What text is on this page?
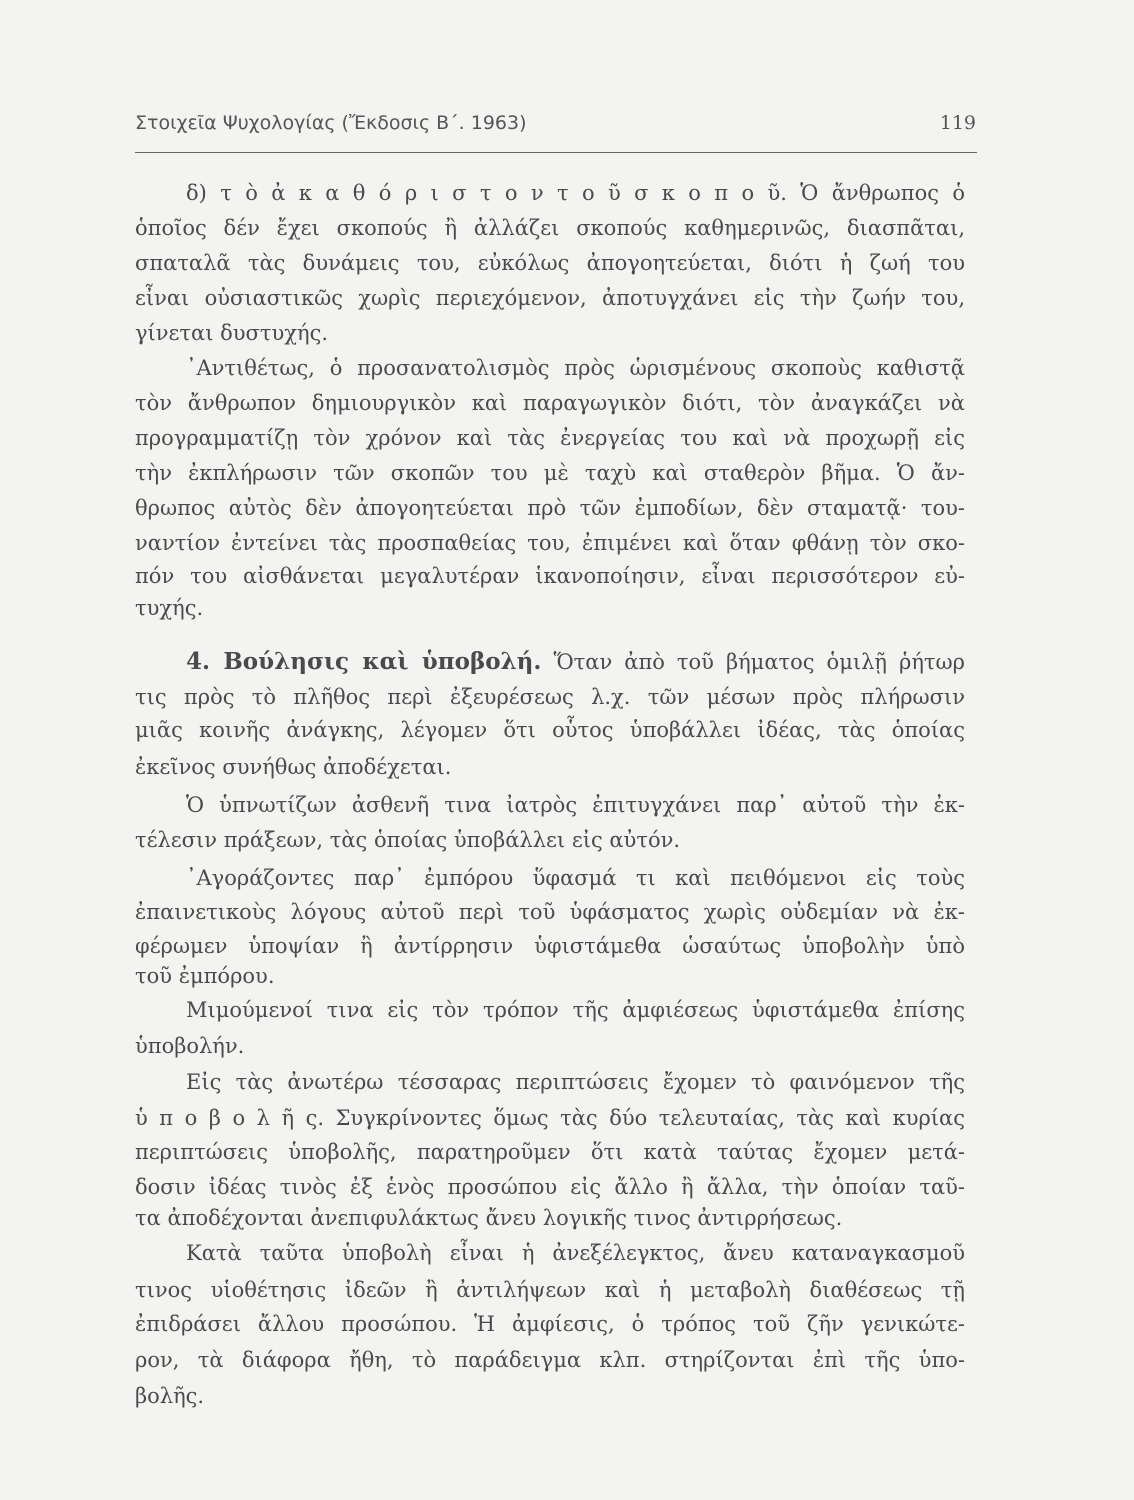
Στοιχεῖα Ψυχολογίας (Ἔκδοσις Β΄. 1963)	119
δ) τ ὸ ἀ κ α θ ό ρ ι σ τ ο ν τ ο ῦ σ κ ο π ο ῦ. Ὁ ἄνθρωπος ὁ
ὁποῖος δέν ἔχει σκοπούς ἢ ἀλλάζει σκοπούς καθημερινῶς, διασπᾶται,
σπαταλᾶ τὰς δυνάμεις του, εὐκόλως ἀπογοητεύεται, διότι ἡ ζωή του
εἶναι οὐσιαστικῶς χωρὶς περιεχόμενον, ἀποτυγχάνει εἰς τὴν ζωήν του,
γίνεται δυστυχής.
᾿Αντιθέτως, ὁ προσανατολισμὸς πρὸς ὡρισμένους σκοποὺς καθιστᾷ
τὸν ἄνθρωπον δημιουργικὸν καὶ παραγωγικὸν διότι, τὸν ἀναγκάζει νὰ
προγραμματίζῃ τὸν χρόνον καὶ τὰς ἐνεργείας του καὶ νὰ προχωρῇ εἰς
τὴν ἐκπλήρωσιν τῶν σκοπῶν του μὲ ταχὺ καὶ σταθερὸν βῆμα. Ὁ ἄν-
θρωπος αὐτὸς δὲν ἀπογοητεύεται πρὸ τῶν ἐμποδίων, δὲν σταματᾷ· του-
ναντίον ἐντείνει τὰς προσπαθείας του, ἐπιμένει καὶ ὅταν φθάνῃ τὸν σκο-
πόν του αἰσθάνεται μεγαλυτέραν ἱκανοποίησιν, εἶναι περισσότερον εὐ-
τυχής.
4. Βούλησις καὶ ὑποβολή. Ὅταν ἀπὸ τοῦ βήματος ὁμιλῇ ῥήτωρ
τις πρὸς τὸ πλῆθος περὶ ἐξευρέσεως λ.χ. τῶν μέσων πρὸς πλήρωσιν
μιᾶς κοινῆς ἀνάγκης, λέγομεν ὅτι οὗτος ὑποβάλλει ἰδέας, τὰς ὁποίας
ἐκεῖνος συνήθως ἀποδέχεται.
Ὁ ὑπνωτίζων ἀσθενῆ τινα ἰατρὸς ἐπιτυγχάνει παρ᾿ αὐτοῦ τὴν ἐκ-
τέλεσιν πράξεων, τὰς ὁποίας ὑποβάλλει εἰς αὐτόν.
᾿Αγοράζοντες παρ᾿ ἐμπόρου ὕφασμά τι καὶ πειθόμενοι εἰς τοὺς
ἐπαινετικοὺς λόγους αὐτοῦ περὶ τοῦ ὑφάσματος χωρὶς οὐδεμίαν νὰ ἐκ-
φέρωμεν ὑποψίαν ἢ ἀντίρρησιν ὑφιστάμεθα ὡσαύτως ὑποβολὴν ὑπὸ
τοῦ ἐμπόρου.
Μιμούμενοί τινα εἰς τὸν τρόπον τῆς ἀμφιέσεως ὑφιστάμεθα ἐπίσης
ὑποβολήν.
Εἰς τὰς ἀνωτέρω τέσσαρας περιπτώσεις ἔχομεν τὸ φαινόμενον τῆς
ὑ π ο β ο λ ῆ ς. Συγκρίνοντες ὅμως τὰς δύο τελευταίας, τὰς καὶ κυρίας
περιπτώσεις ὑποβολῆς, παρατηροῦμεν ὅτι κατὰ ταύτας ἔχομεν μετά-
δοσιν ἰδέας τινὸς ἐξ ἑνὸς προσώπου εἰς ἄλλο ἢ ἄλλα, τὴν ὁποίαν ταῦ-
τα ἀποδέχονται ἀνεπιφυλάκτως ἄνευ λογικῆς τινος ἀντιρρήσεως.
Κατὰ ταῦτα ὑποβολὴ εἶναι ἡ ἀνεξέλεγκτος, ἄνευ καταναγκασμοῦ
τινος υἱοθέτησις ἰδεῶν ἢ ἀντιλήψεων καὶ ἡ μεταβολὴ διαθέσεως τῇ
ἐπιδράσει ἄλλου προσώπου. Ἡ ἀμφίεσις, ὁ τρόπος τοῦ ζῆν γενικώτε-
ρον, τὰ διάφορα ἤθη, τὸ παράδειγμα κλπ. στηρίζονται ἐπὶ τῆς ὑπο-
βολῆς.
